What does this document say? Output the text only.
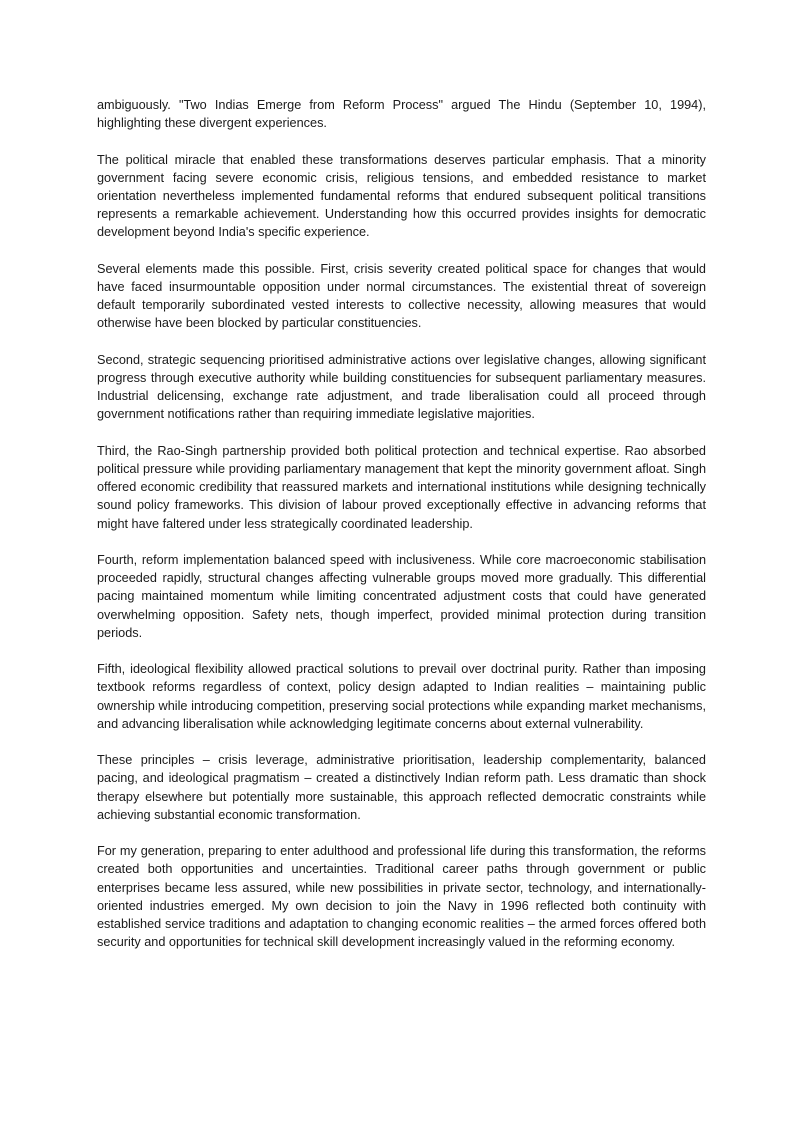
ambiguously. "Two Indias Emerge from Reform Process" argued The Hindu (September 10, 1994), highlighting these divergent experiences.

The political miracle that enabled these transformations deserves particular emphasis. That a minority government facing severe economic crisis, religious tensions, and embedded resistance to market orientation nevertheless implemented fundamental reforms that endured subsequent political transitions represents a remarkable achievement. Understanding how this occurred provides insights for democratic development beyond India's specific experience.

Several elements made this possible. First, crisis severity created political space for changes that would have faced insurmountable opposition under normal circumstances. The existential threat of sovereign default temporarily subordinated vested interests to collective necessity, allowing measures that would otherwise have been blocked by particular constituencies.

Second, strategic sequencing prioritised administrative actions over legislative changes, allowing significant progress through executive authority while building constituencies for subsequent parliamentary measures. Industrial delicensing, exchange rate adjustment, and trade liberalisation could all proceed through government notifications rather than requiring immediate legislative majorities.

Third, the Rao-Singh partnership provided both political protection and technical expertise. Rao absorbed political pressure while providing parliamentary management that kept the minority government afloat. Singh offered economic credibility that reassured markets and international institutions while designing technically sound policy frameworks. This division of labour proved exceptionally effective in advancing reforms that might have faltered under less strategically coordinated leadership.

Fourth, reform implementation balanced speed with inclusiveness. While core macroeconomic stabilisation proceeded rapidly, structural changes affecting vulnerable groups moved more gradually. This differential pacing maintained momentum while limiting concentrated adjustment costs that could have generated overwhelming opposition. Safety nets, though imperfect, provided minimal protection during transition periods.

Fifth, ideological flexibility allowed practical solutions to prevail over doctrinal purity. Rather than imposing textbook reforms regardless of context, policy design adapted to Indian realities – maintaining public ownership while introducing competition, preserving social protections while expanding market mechanisms, and advancing liberalisation while acknowledging legitimate concerns about external vulnerability.

These principles – crisis leverage, administrative prioritisation, leadership complementarity, balanced pacing, and ideological pragmatism – created a distinctively Indian reform path. Less dramatic than shock therapy elsewhere but potentially more sustainable, this approach reflected democratic constraints while achieving substantial economic transformation.

For my generation, preparing to enter adulthood and professional life during this transformation, the reforms created both opportunities and uncertainties. Traditional career paths through government or public enterprises became less assured, while new possibilities in private sector, technology, and internationally-oriented industries emerged. My own decision to join the Navy in 1996 reflected both continuity with established service traditions and adaptation to changing economic realities – the armed forces offered both security and opportunities for technical skill development increasingly valued in the reforming economy.
